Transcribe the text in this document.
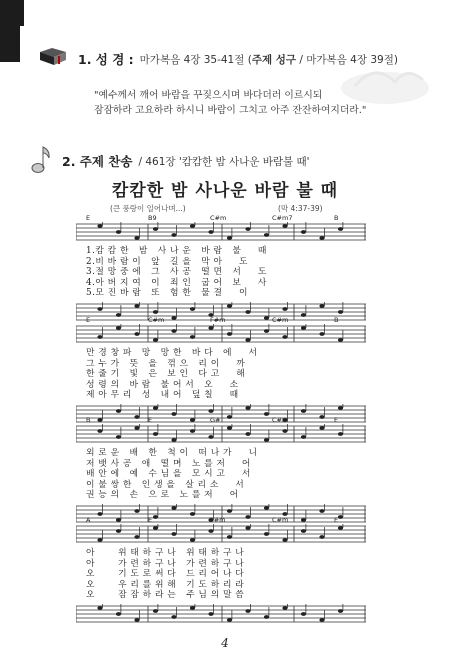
1. 성 경 : 마가복음 4장 35-41절 (주제 성구 / 마가복음 4장 39절)
"예수께서 깨어 바람을 꾸짖으시며 바다더러 이르시되
잠잠하라 고요하라 하시니 바람이 그치고 아주 잔잔하여지더라."
2. 주제 찬송 / 461장 '캄캄한 밤 사나운 바람불 때'
캄캄한 밤 사나운 바람 불 때
(큰 풍랑이 일어나며...)	(막 4:37-39)
E	B9	C#m	C#m7	B
1.캄 캄 한   밤   사 나 운   바 람   불     때
2.비 바 람 이   앞   길 을   막 아     도
3.절 망 중 에   그   사 공   떨 면   서     도
4.아 버 지 여   이   죄 인   굽 어   보     사
5.모 진 바 람   또   험 한   물 결     이
E	C#m	F#m	C#m	B
만 경 창 파   망   망 한   바 다   에     서
그 누 가   뜻   을   꺾 으   리 이     까
한 줄 기   빛   은   보 인   다 고     해
성 령 의   바 람   불 어 서   오     소
제 아 무 리   성   내 어   덮 칠     때
B	E	G#	C#m	E
외 로 운   배   한   척 이   떠 나 가     니
저 뱃 사 공   애   떨 며   노 를 저     어
배 안 에   예   수 님 을   모 시 고     서
이 불 쌍 한   인 생 을   살 리 소     서
권 능 의   손   으 로   노 를 저     어
A	E	F#m	C#m	E
아       위 태 하 구 나   위 태 하 구 나
아       가 련 하 구 나   가 련 하 구 나
오       기 도 로 써 다   드 리 어 나 다
오       우 리 를 위 해   기 도 하 리 라
오       잠 잠 하 라 는   주 님 의 말 씀
4
